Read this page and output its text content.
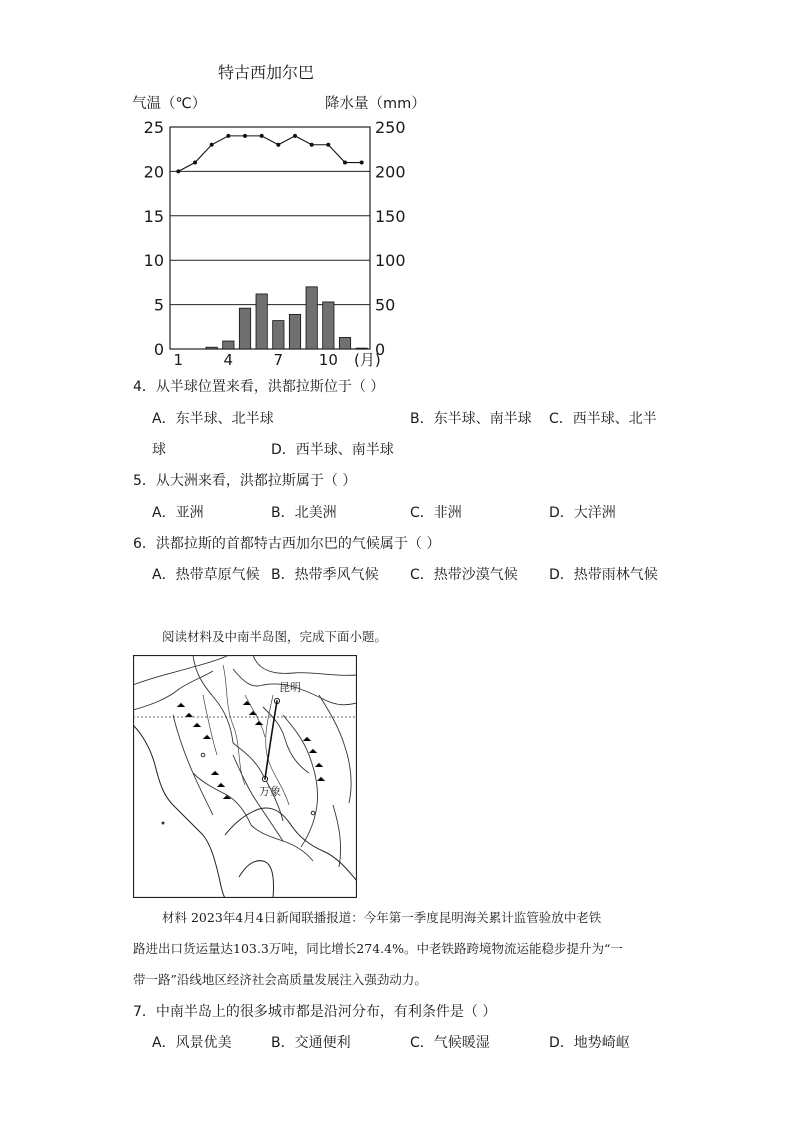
特古西加尔巴
气温（℃）	降水量（mm）
0
5
10
15
20
25
0
50
100
150
200
250
1	4	7 10 (月)
4．从半球位置来看，洪都拉斯位于（ ）
A．东半球、北半球	B．东半球、南半球 C．西半球、北半
球	D．西半球、南半球
5．从大洲来看，洪都拉斯属于（ ）
A．亚洲	B．北美洲	C．非洲	D．大洋洲
6．洪都拉斯的首都特古西加尔巴的气候属于（ ）
A．热带草原气候 B．热带季风气候 C．热带沙漠气候 D．热带雨林气候
阅读材料及中南半岛图，完成下面小题。
昆明
万象
材料 2023年4月4日新闻联播报道：今年第一季度昆明海关累计监管验放中老铁
路进出口货运量达103.3万吨，同比增长274.4%。中老铁路跨境物流运能稳步提升为“一
带一路”沿线地区经济社会高质量发展注入强劲动力。
7．中南半岛上的很多城市都是沿河分布，有利条件是（ ）
A．风景优美	B．交通便利	C．气候暖湿	D．地势崎岖
